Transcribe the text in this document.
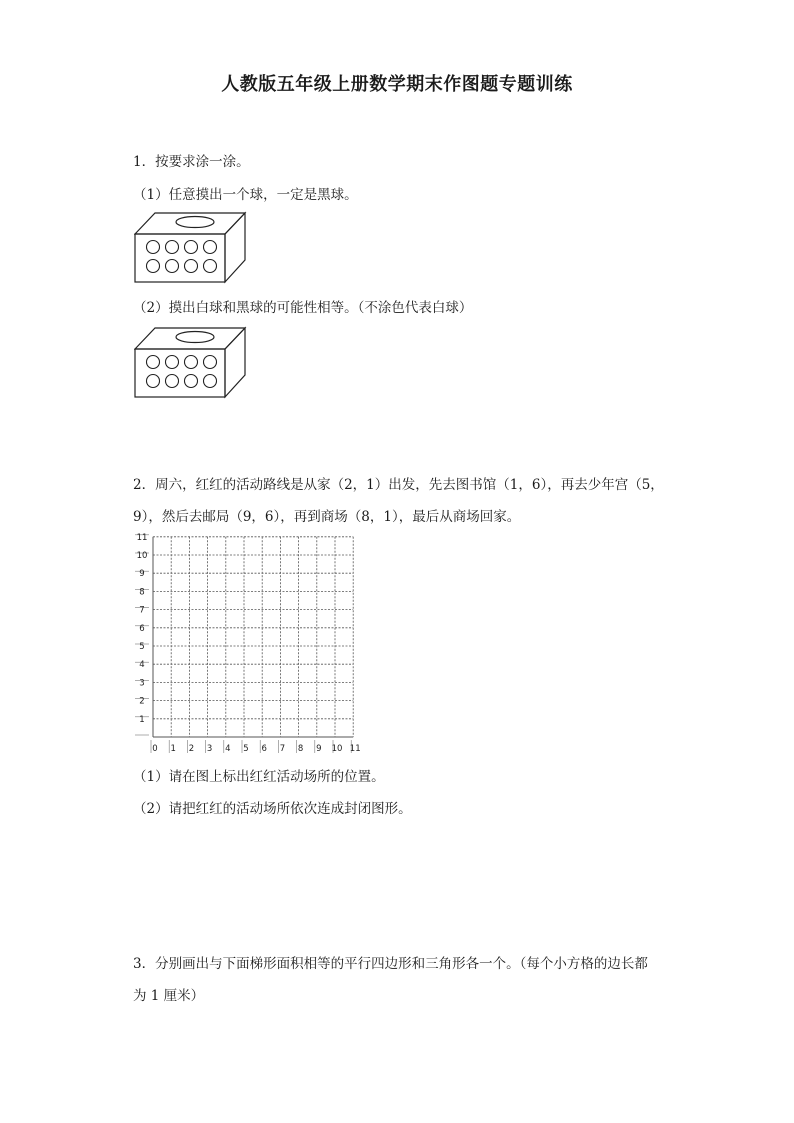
人教版五年级上册数学期末作图题专题训练
1．按要求涂一涂。
（1）任意摸出一个球，一定是黑球。
（2）摸出白球和黑球的可能性相等。（不涂色代表白球）
2．周六，红红的活动路线是从家（2，1）出发，先去图书馆（1，6），再去少年宫（5，
9），然后去邮局（9，6），再到商场（8，1），最后从商场回家。
0 1 2 3 4 5 6 7 8 9 10 11
1
2
3
4
5
6
7
8
9
10
11
（1）请在图上标出红红活动场所的位置。
（2）请把红红的活动场所依次连成封闭图形。
3．分别画出与下面梯形面积相等的平行四边形和三角形各一个。（每个小方格的边长都
为 1 厘米）
